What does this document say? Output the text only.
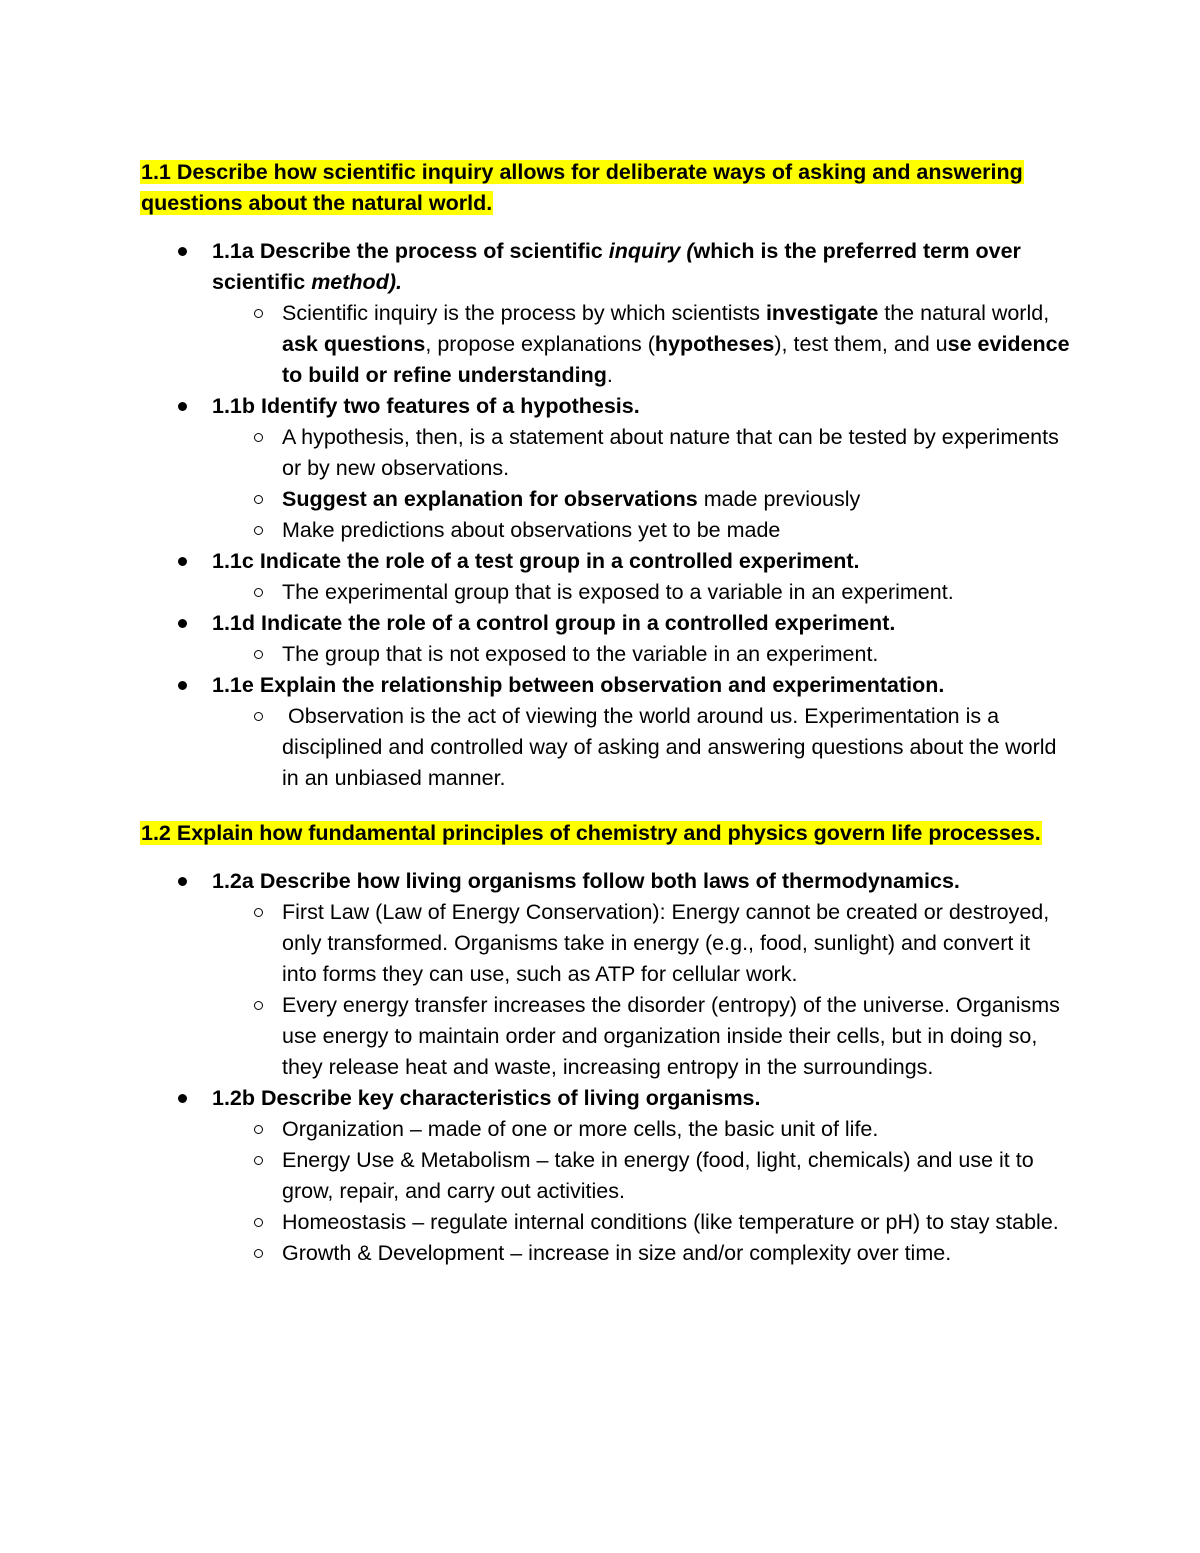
1.1 Describe how scientific inquiry allows for deliberate ways of asking and answering questions about the natural world.

1.1a Describe the process of scientific inquiry (which is the preferred term over scientific method).
Scientific inquiry is the process by which scientists investigate the natural world, ask questions, propose explanations (hypotheses), test them, and use evidence to build or refine understanding.
1.1b Identify two features of a hypothesis.
A hypothesis, then, is a statement about nature that can be tested by experiments or by new observations.
Suggest an explanation for observations made previously
Make predictions about observations yet to be made
1.1c Indicate the role of a test group in a controlled experiment.
The experimental group that is exposed to a variable in an experiment.
1.1d Indicate the role of a control group in a controlled experiment.
The group that is not exposed to the variable in an experiment.
1.1e Explain the relationship between observation and experimentation.
Observation is the act of viewing the world around us. Experimentation is a disciplined and controlled way of asking and answering questions about the world in an unbiased manner.

1.2 Explain how fundamental principles of chemistry and physics govern life processes.

1.2a Describe how living organisms follow both laws of thermodynamics.
First Law (Law of Energy Conservation): Energy cannot be created or destroyed, only transformed. Organisms take in energy (e.g., food, sunlight) and convert it into forms they can use, such as ATP for cellular work.
Every energy transfer increases the disorder (entropy) of the universe. Organisms use energy to maintain order and organization inside their cells, but in doing so, they release heat and waste, increasing entropy in the surroundings.
1.2b Describe key characteristics of living organisms.
Organization – made of one or more cells, the basic unit of life.
Energy Use & Metabolism – take in energy (food, light, chemicals) and use it to grow, repair, and carry out activities.
Homeostasis – regulate internal conditions (like temperature or pH) to stay stable.
Growth & Development – increase in size and/or complexity over time.
